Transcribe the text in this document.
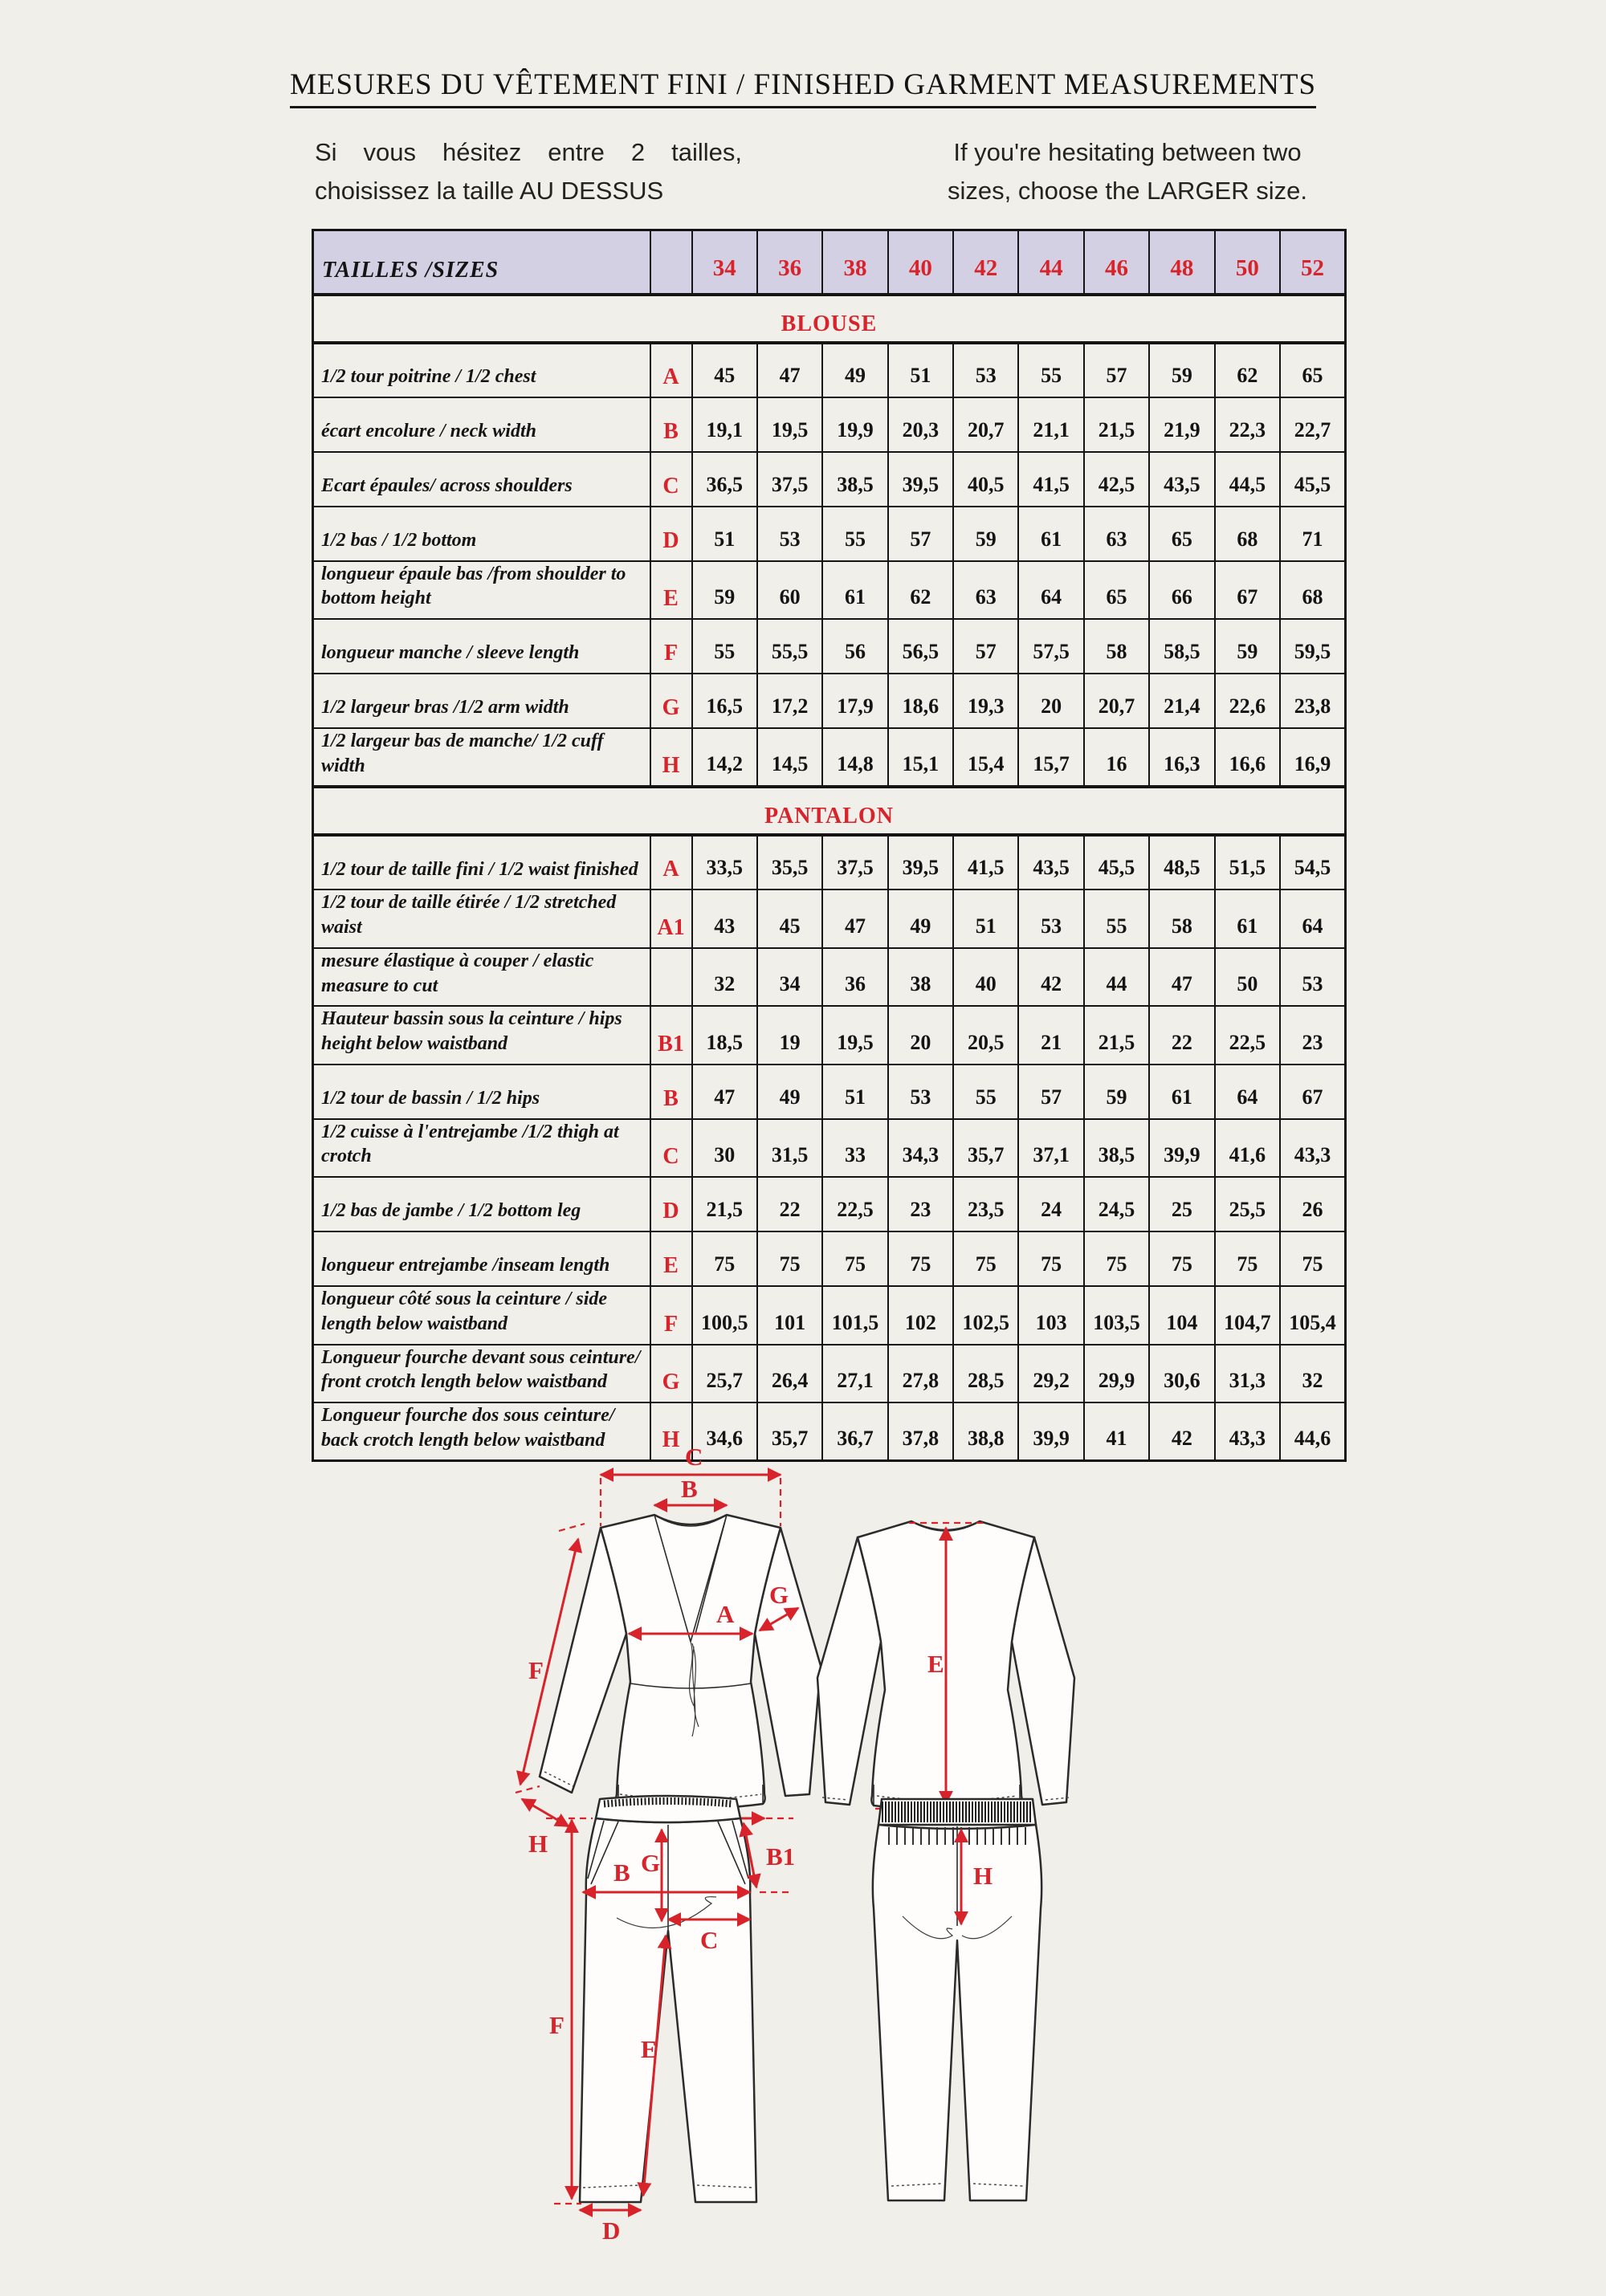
MESURES DU VÊTEMENT FINI / FINISHED GARMENT MEASUREMENTS
Si vous hésitez entre 2 tailles,
choisissez la taille AU DESSUS
If you're hesitating between two
sizes, choose the LARGER size.
TAILLES /SIZES		34	36	38	40	42	44	46	48	50	52
BLOUSE											
1/2 tour poitrine / 1/2 chest	A	45	47	49	51	53	55	57	59	62	65
écart encolure / neck width	B	19,1	19,5	19,9	20,3	20,7	21,1	21,5	21,9	22,3	22,7
Ecart épaules/ across shoulders	C	36,5	37,5	38,5	39,5	40,5	41,5	42,5	43,5	44,5	45,5
1/2 bas / 1/2 bottom	D	51	53	55	57	59	61	63	65	68	71
longueur épaule bas /from shoulder to bottom height	E	59	60	61	62	63	64	65	66	67	68
longueur manche / sleeve length	F	55	55,5	56	56,5	57	57,5	58	58,5	59	59,5
1/2 largeur bras /1/2 arm width	G	16,5	17,2	17,9	18,6	19,3	20	20,7	21,4	22,6	23,8
1/2 largeur bas de manche/ 1/2 cuff width	H	14,2	14,5	14,8	15,1	15,4	15,7	16	16,3	16,6	16,9
PANTALON											
1/2 tour de taille fini / 1/2 waist finished	A	33,5	35,5	37,5	39,5	41,5	43,5	45,5	48,5	51,5	54,5
1/2 tour de taille étirée / 1/2 stretched waist	A1	43	45	47	49	51	53	55	58	61	64
mesure élastique à couper / elastic measure to cut		32	34	36	38	40	42	44	47	50	53
Hauteur bassin sous la ceinture / hips height below waistband	B1	18,5	19	19,5	20	20,5	21	21,5	22	22,5	23
1/2 tour de bassin / 1/2 hips	B	47	49	51	53	55	57	59	61	64	67
1/2 cuisse à l'entrejambe /1/2 thigh at crotch	C	30	31,5	33	34,3	35,7	37,1	38,5	39,9	41,6	43,3
1/2 bas de jambe / 1/2 bottom leg	D	21,5	22	22,5	23	23,5	24	24,5	25	25,5	26
longueur entrejambe /inseam length	E	75	75	75	75	75	75	75	75	75	75
longueur côté sous la ceinture / side length below waistband	F	100,5	101	101,5	102	102,5	103	103,5	104	104,7	105,4
Longueur fourche devant sous ceinture/ front crotch length below waistband	G	25,7	26,4	27,1	27,8	28,5	29,2	29,9	30,6	31,3	32
Longueur fourche dos sous ceinture/ back crotch length below waistband	H	34,6	35,7	36,7	37,8	38,8	39,9	41	42	43,3	44,6
C
B
A
G
F
H
E
F
G	B1
B
C
E
D
H
